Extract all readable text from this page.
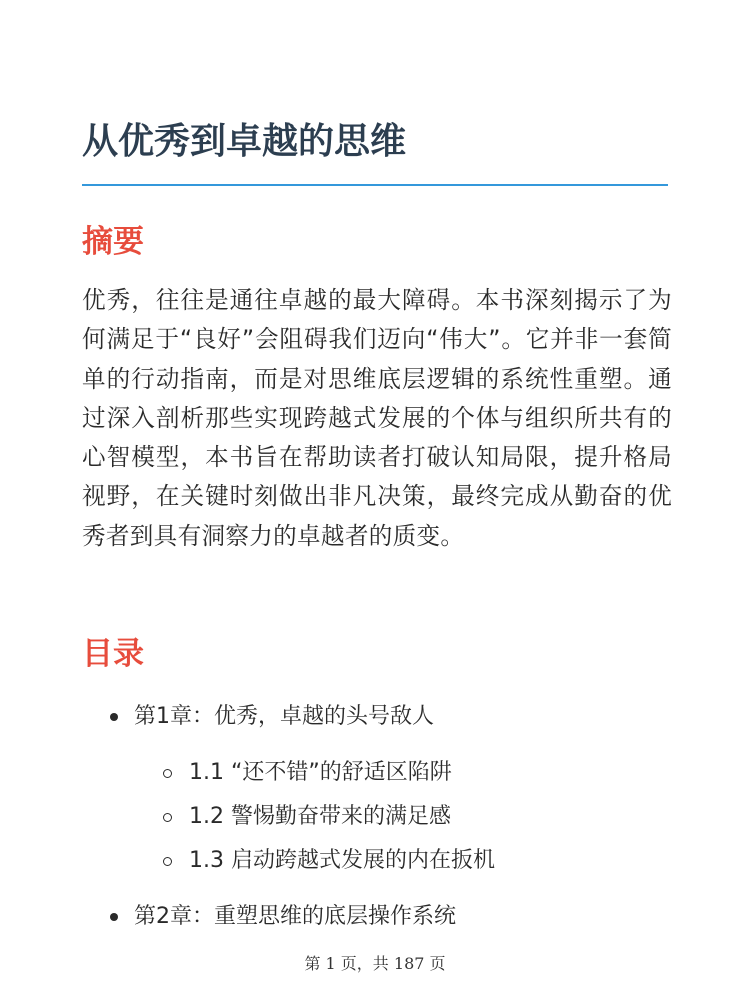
从优秀到卓越的思维
摘要

优秀，往往是通往卓越的最大障碍。本书深刻揭示了为何满足于“良好”会阻碍我们迈向“伟大”。它并非一套简单的行动指南，而是对思维底层逻辑的系统性重塑。通过深入剖析那些实现跨越式发展的个体与组织所共有的心智模型，本书旨在帮助读者打破认知局限，提升格局视野，在关键时刻做出非凡决策，最终完成从勤奋的优秀者到具有洞察力的卓越者的质变。

目录
第1章：优秀，卓越的头号敌人
1.1 “还不错”的舒适区陷阱
1.2 警惕勤奋带来的满足感
1.3 启动跨越式发展的内在扳机
第2章：重塑思维的底层操作系统
第 1 页，共 187 页
